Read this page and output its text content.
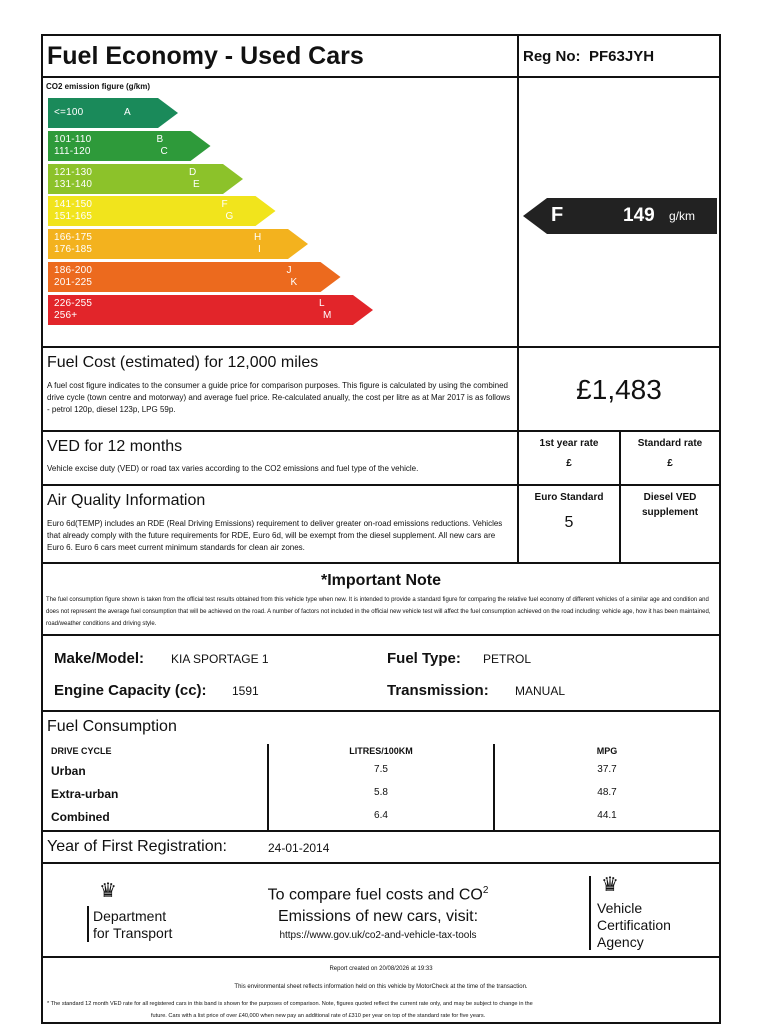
Fuel Economy - Used Cars	Reg No: PF63JYH
CO2 emission figure (g/km)
<=100	A
101-110
111-120
B
C
121-130
131-140
D
E
141-150
151-165
F
G
166-175
176-185
H
I
186-200
201-225
J
K
226-255
256+
L
M
F	149 g/km
Fuel Cost (estimated) for 12,000 miles
A fuel cost figure indicates to the consumer a guide price for comparison purposes. This figure is calculated by using the combined drive cycle (town centre and motorway) and average fuel price. Re-calculated anually, the cost per litre as at Mar 2017 is as follows - petrol 120p, diesel 123p, LPG 59p.
£1,483
VED for 12 months
Vehicle excise duty (VED) or road tax varies according to the CO2 emissions and fuel type of the vehicle.
1st year rate
£
Standard rate
£
Air Quality Information
Euro 6d(TEMP) includes an RDE (Real Driving Emissions) requirement to deliver greater on-road emissions reductions. Vehicles that already comply with the future requirements for RDE, Euro 6d, will be exempt from the diesel supplement. All new cars are Euro 6. Euro 6 cars meet current minimum standards for clean air zones.
Euro Standard
5
Diesel VED supplement
*Important Note
The fuel consumption figure shown is taken from the official test results obtained from this vehicle type when new. It is intended to provide a standard figure for comparing the relative fuel economy of different vehicles of a similar age and condition and does not represent the average fuel consumption that will be achieved on the road. A number of factors not included in the official new vehicle test will affect the fuel consumption achieved on the road including: vehicle age, how it has been maintained, road/weather conditions and driving style.
Make/Model: KIA SPORTAGE 1	Fuel Type: PETROL
Engine Capacity (cc): 1591	Transmission: MANUAL
Fuel Consumption
DRIVE CYCLE	LITRES/100KM	MPG
Urban	7.5	37.7
Extra-urban	5.8	48.7
Combined	6.4	44.1
Year of First Registration:	24-01-2014
♛
Department
for Transport
To compare fuel costs and $CO^2$
Emissions of new cars, visit:
https://www.gov.uk/co2-and-vehicle-tax-tools
♛
Vehicle
Certification
Agency
Report created on 20/08/2026 at 19:33
This environmental sheet reflects information held on this vehicle by MotorCheck at the time of the transaction.
* The standard 12 month VED rate for all registered cars in this band is shown for the purposes of comparison. Note, figures quoted reflect the current rate only, and may be subject to change in the
future. Cars with a list price of over £40,000 when new pay an additional rate of £310 per year on top of the standard rate for five years.
